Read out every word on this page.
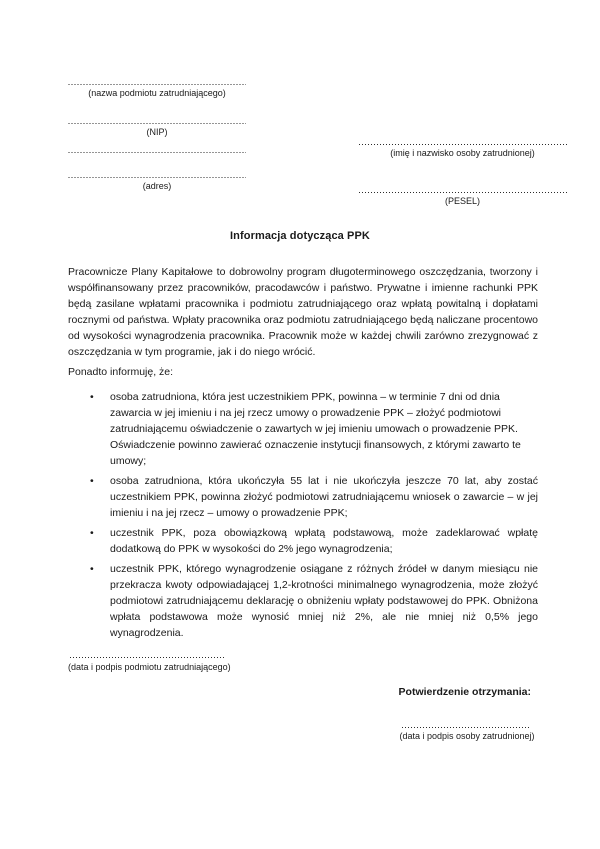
(nazwa podmiotu zatrudniającego)
(NIP)
(adres)
(imię i nazwisko osoby zatrudnionej)
(PESEL)
Informacja dotycząca PPK

Pracownicze Plany Kapitałowe to dobrowolny program długoterminowego oszczędzania, tworzony i współfinansowany przez pracowników, pracodawców i państwo. Prywatne i imienne rachunki PPK będą zasilane wpłatami pracownika i podmiotu zatrudniającego oraz wpłatą powitalną i dopłatami rocznymi od państwa. Wpłaty pracownika oraz podmiotu zatrudniającego będą naliczane procentowo od wysokości wynagrodzenia pracownika. Pracownik może w każdej chwili zarówno zrezygnować z oszczędzania w tym programie, jak i do niego wrócić.

Ponadto informuję, że:

• osoba zatrudniona, która jest uczestnikiem PPK, powinna – w terminie 7 dni od dnia zawarcia w jej imieniu i na jej rzecz umowy o prowadzenie PPK – złożyć podmiotowi zatrudniającemu oświadczenie o zawartych w jej imieniu umowach o prowadzenie PPK. Oświadczenie powinno zawierać oznaczenie instytucji finansowych, z którymi zawarto te umowy;
• osoba zatrudniona, która ukończyła 55 lat i nie ukończyła jeszcze 70 lat, aby zostać uczestnikiem PPK, powinna złożyć podmiotowi zatrudniającemu wniosek o zawarcie – w jej imieniu i na jej rzecz – umowy o prowadzenie PPK;
• uczestnik PPK, poza obowiązkową wpłatą podstawową, może zadeklarować wpłatę dodatkową do PPK w wysokości do 2% jego wynagrodzenia;
• uczestnik PPK, którego wynagrodzenie osiągane z różnych źródeł w danym miesiącu nie przekracza kwoty odpowiadającej 1,2-krotności minimalnego wynagrodzenia, może złożyć podmiotowi zatrudniającemu deklarację o obniżeniu wpłaty podstawowej do PPK. Obniżona wpłata podstawowa może wynosić mniej niż 2%, ale nie mniej niż 0,5% jego wynagrodzenia.
(data i podpis podmiotu zatrudniającego)
Potwierdzenie otrzymania:
(data i podpis osoby zatrudnionej)
